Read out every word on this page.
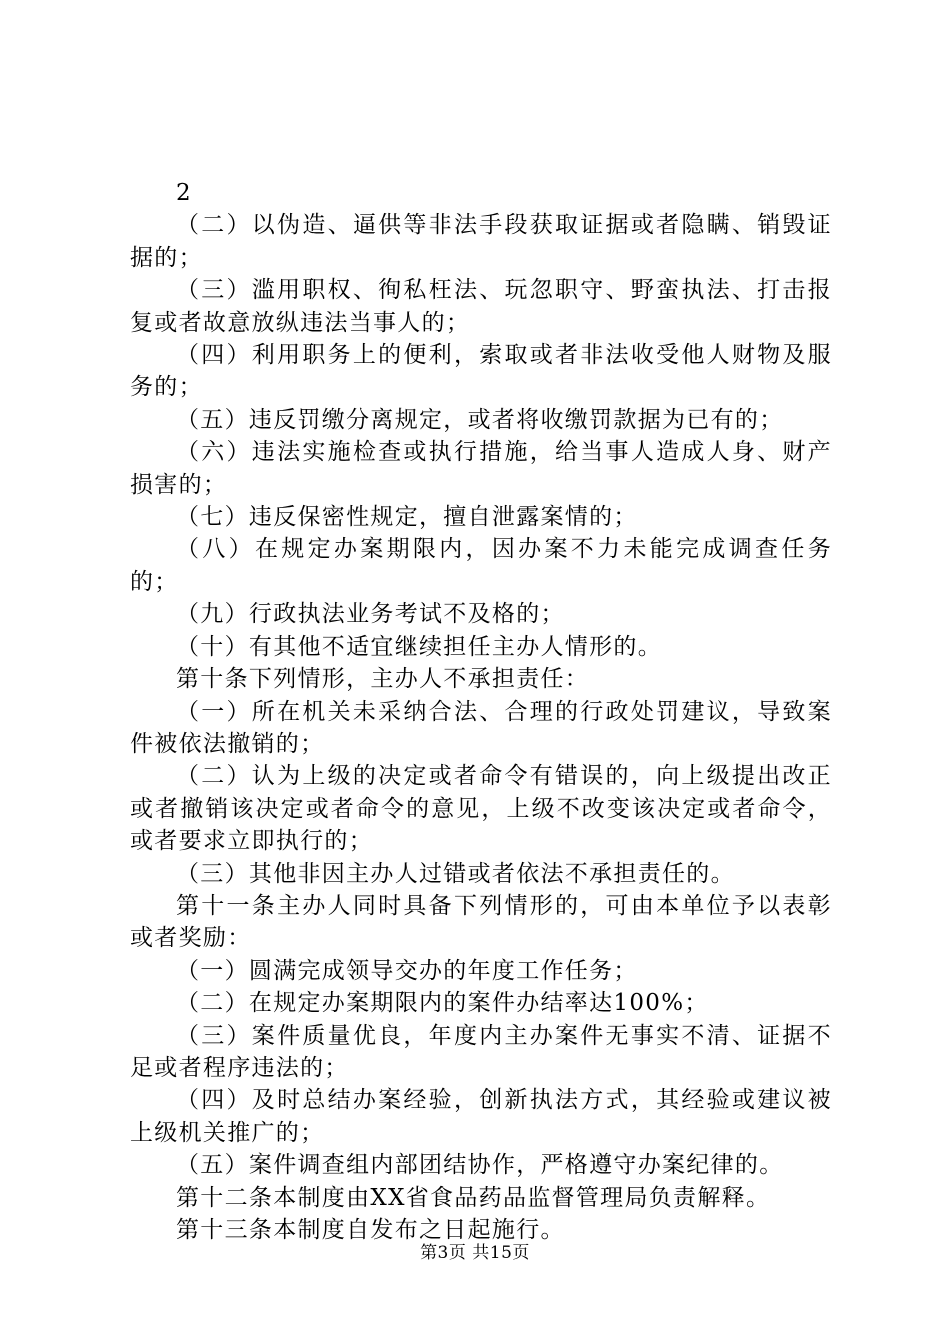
2

（二）以伪造、逼供等非法手段获取证据或者隐瞒、销毁证据的；

（三）滥用职权、徇私枉法、玩忽职守、野蛮执法、打击报复或者故意放纵违法当事人的；

（四）利用职务上的便利，索取或者非法收受他人财物及服务的；

（五）违反罚缴分离规定，或者将收缴罚款据为已有的；

（六）违法实施检查或执行措施，给当事人造成人身、财产损害的；

（七）违反保密性规定，擅自泄露案情的；

（八）在规定办案期限内，因办案不力未能完成调查任务的；

（九）行政执法业务考试不及格的；

（十）有其他不适宜继续担任主办人情形的。

第十条下列情形，主办人不承担责任：

（一）所在机关未采纳合法、合理的行政处罚建议，导致案件被依法撤销的；

（二）认为上级的决定或者命令有错误的，向上级提出改正或者撤销该决定或者命令的意见，上级不改变该决定或者命令，或者要求立即执行的；

（三）其他非因主办人过错或者依法不承担责任的。

第十一条主办人同时具备下列情形的，可由本单位予以表彰或者奖励：

（一）圆满完成领导交办的年度工作任务；

（二）在规定办案期限内的案件办结率达100%；

（三）案件质量优良，年度内主办案件无事实不清、证据不足或者程序违法的；

（四）及时总结办案经验，创新执法方式，其经验或建议被上级机关推广的；

（五）案件调查组内部团结协作，严格遵守办案纪律的。

第十二条本制度由XX省食品药品监督管理局负责解释。

第十三条本制度自发布之日起施行。

第3页 共15页
